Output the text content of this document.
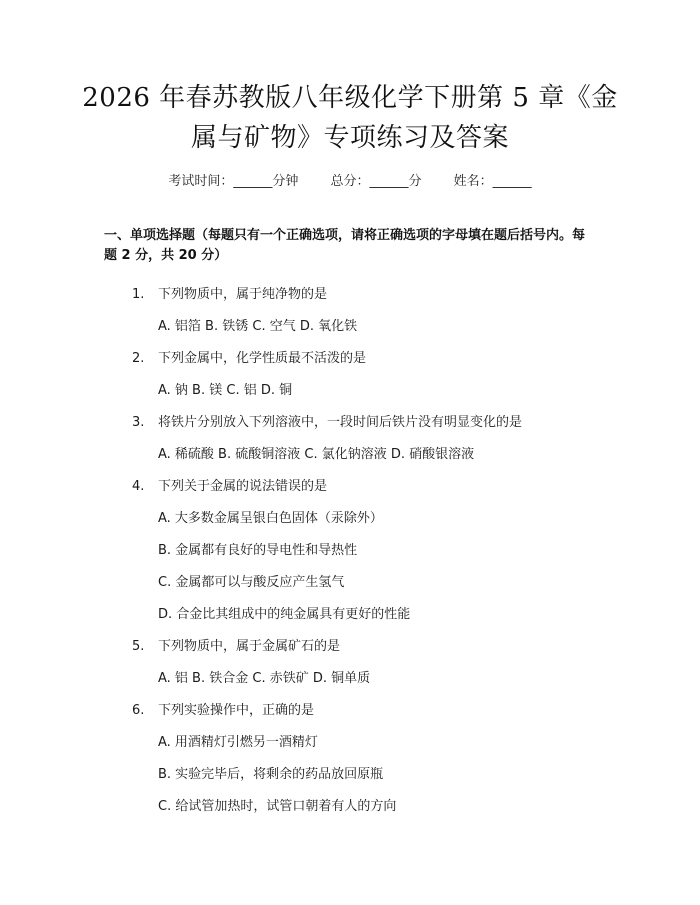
2026 年春苏教版八年级化学下册第 5 章《金
属与矿物》专项练习及答案
考试时间：______分钟 总分：______分 姓名：______
一、单项选择题（每题只有一个正确选项，请将正确选项的字母填在题后括号内。每题 2 分，共 20 分）
1. 下列物质中，属于纯净物的是
A. 铝箔 B. 铁锈 C. 空气 D. 氧化铁
2. 下列金属中，化学性质最不活泼的是
A. 钠 B. 镁 C. 铝 D. 铜
3. 将铁片分别放入下列溶液中，一段时间后铁片没有明显变化的是
A. 稀硫酸 B. 硫酸铜溶液 C. 氯化钠溶液 D. 硝酸银溶液
4. 下列关于金属的说法错误的是
A. 大多数金属呈银白色固体（汞除外）
B. 金属都有良好的导电性和导热性
C. 金属都可以与酸反应产生氢气
D. 合金比其组成中的纯金属具有更好的性能
5. 下列物质中，属于金属矿石的是
A. 铝 B. 铁合金 C. 赤铁矿 D. 铜单质
6. 下列实验操作中，正确的是
A. 用酒精灯引燃另一酒精灯
B. 实验完毕后，将剩余的药品放回原瓶
C. 给试管加热时，试管口朝着有人的方向
